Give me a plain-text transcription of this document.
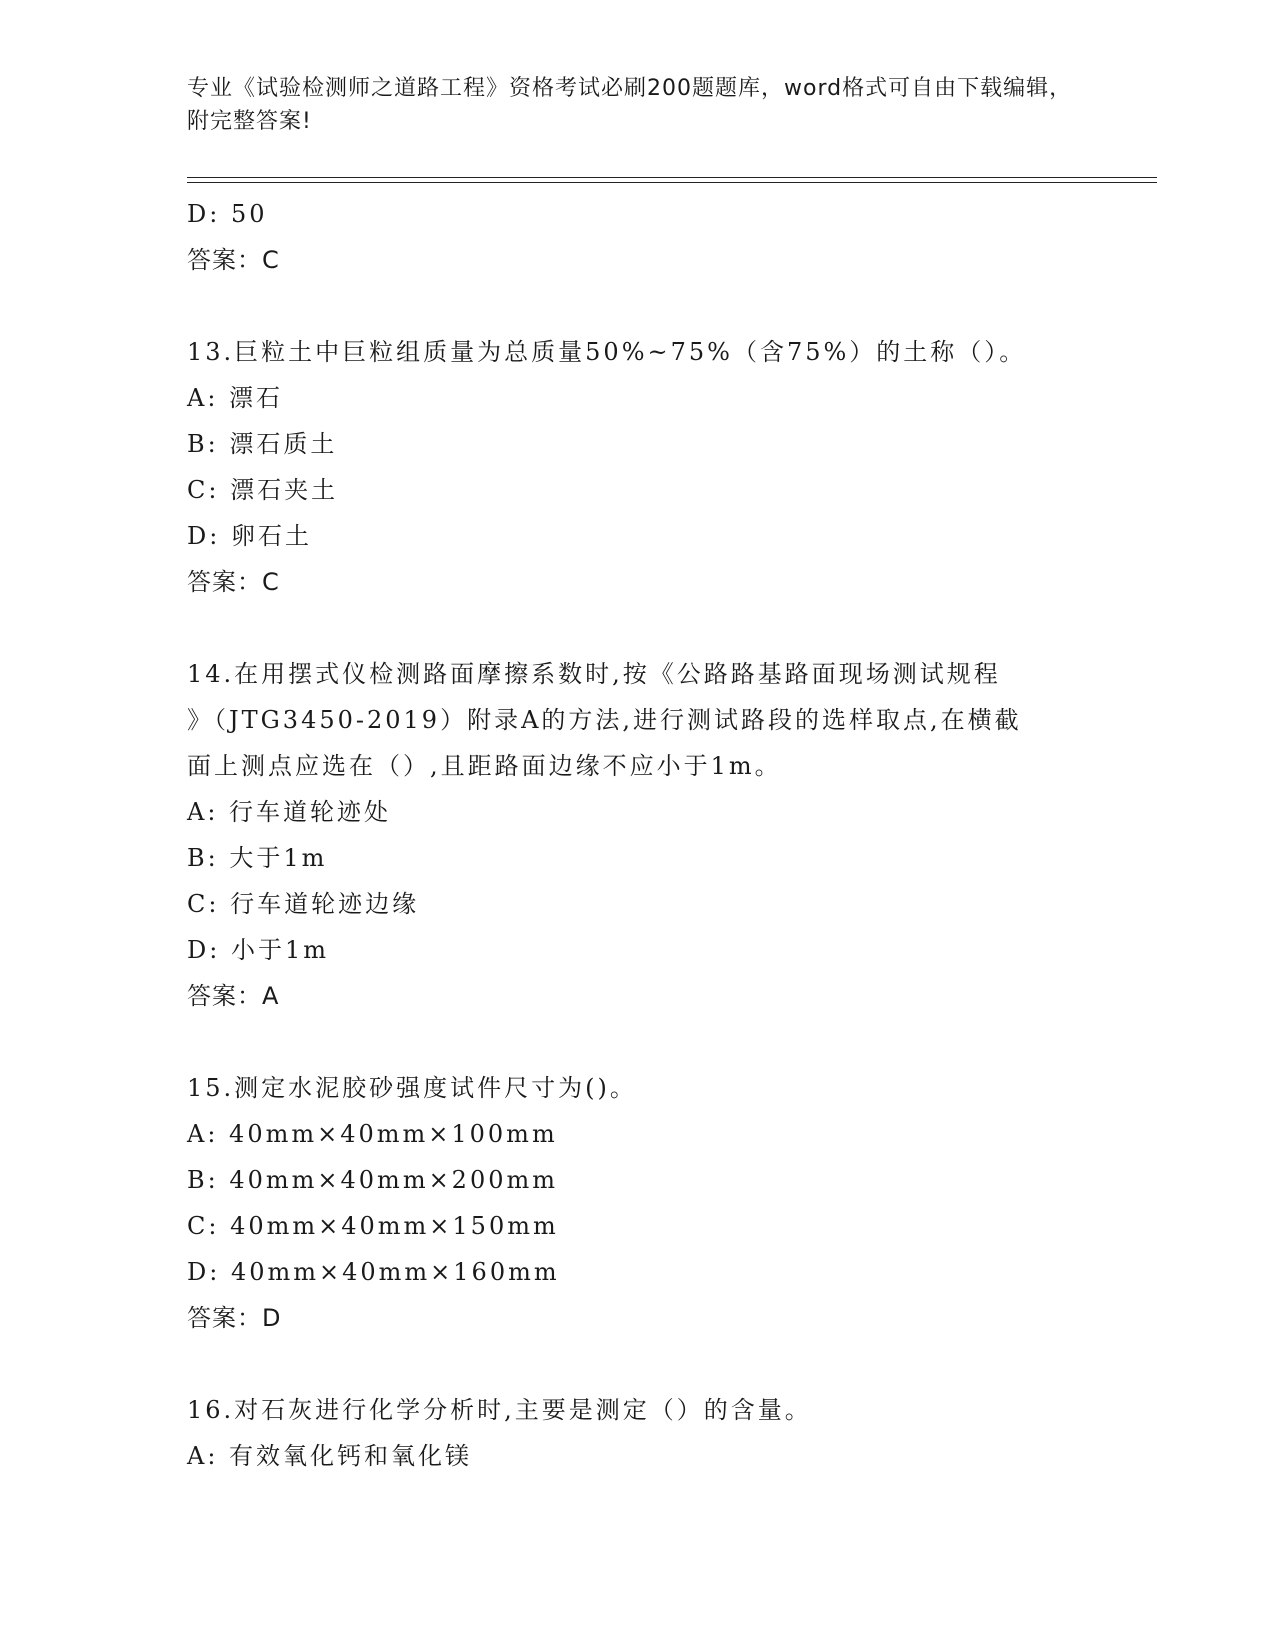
专业《试验检测师之道路工程》资格考试必刷200题题库，word格式可自由下载编辑，附完整答案!
D: 50
答案：C
13.巨粒土中巨粒组质量为总质量50%~75%（含75%）的土称（）。
A: 漂石
B: 漂石质土
C: 漂石夹土
D: 卵石土
答案：C
14.在用摆式仪检测路面摩擦系数时,按《公路路基路面现场测试规程
》（JTG3450-2019）附录A的方法,进行测试路段的选样取点,在横截
面上测点应选在（）,且距路面边缘不应小于1m。
A: 行车道轮迹处
B: 大于1m
C: 行车道轮迹边缘
D: 小于1m
答案：A
15.测定水泥胶砂强度试件尺寸为()。
A: 40mm×40mm×100mm
B: 40mm×40mm×200mm
C: 40mm×40mm×150mm
D: 40mm×40mm×160mm
答案：D
16.对石灰进行化学分析时,主要是测定（）的含量。
A: 有效氧化钙和氧化镁
